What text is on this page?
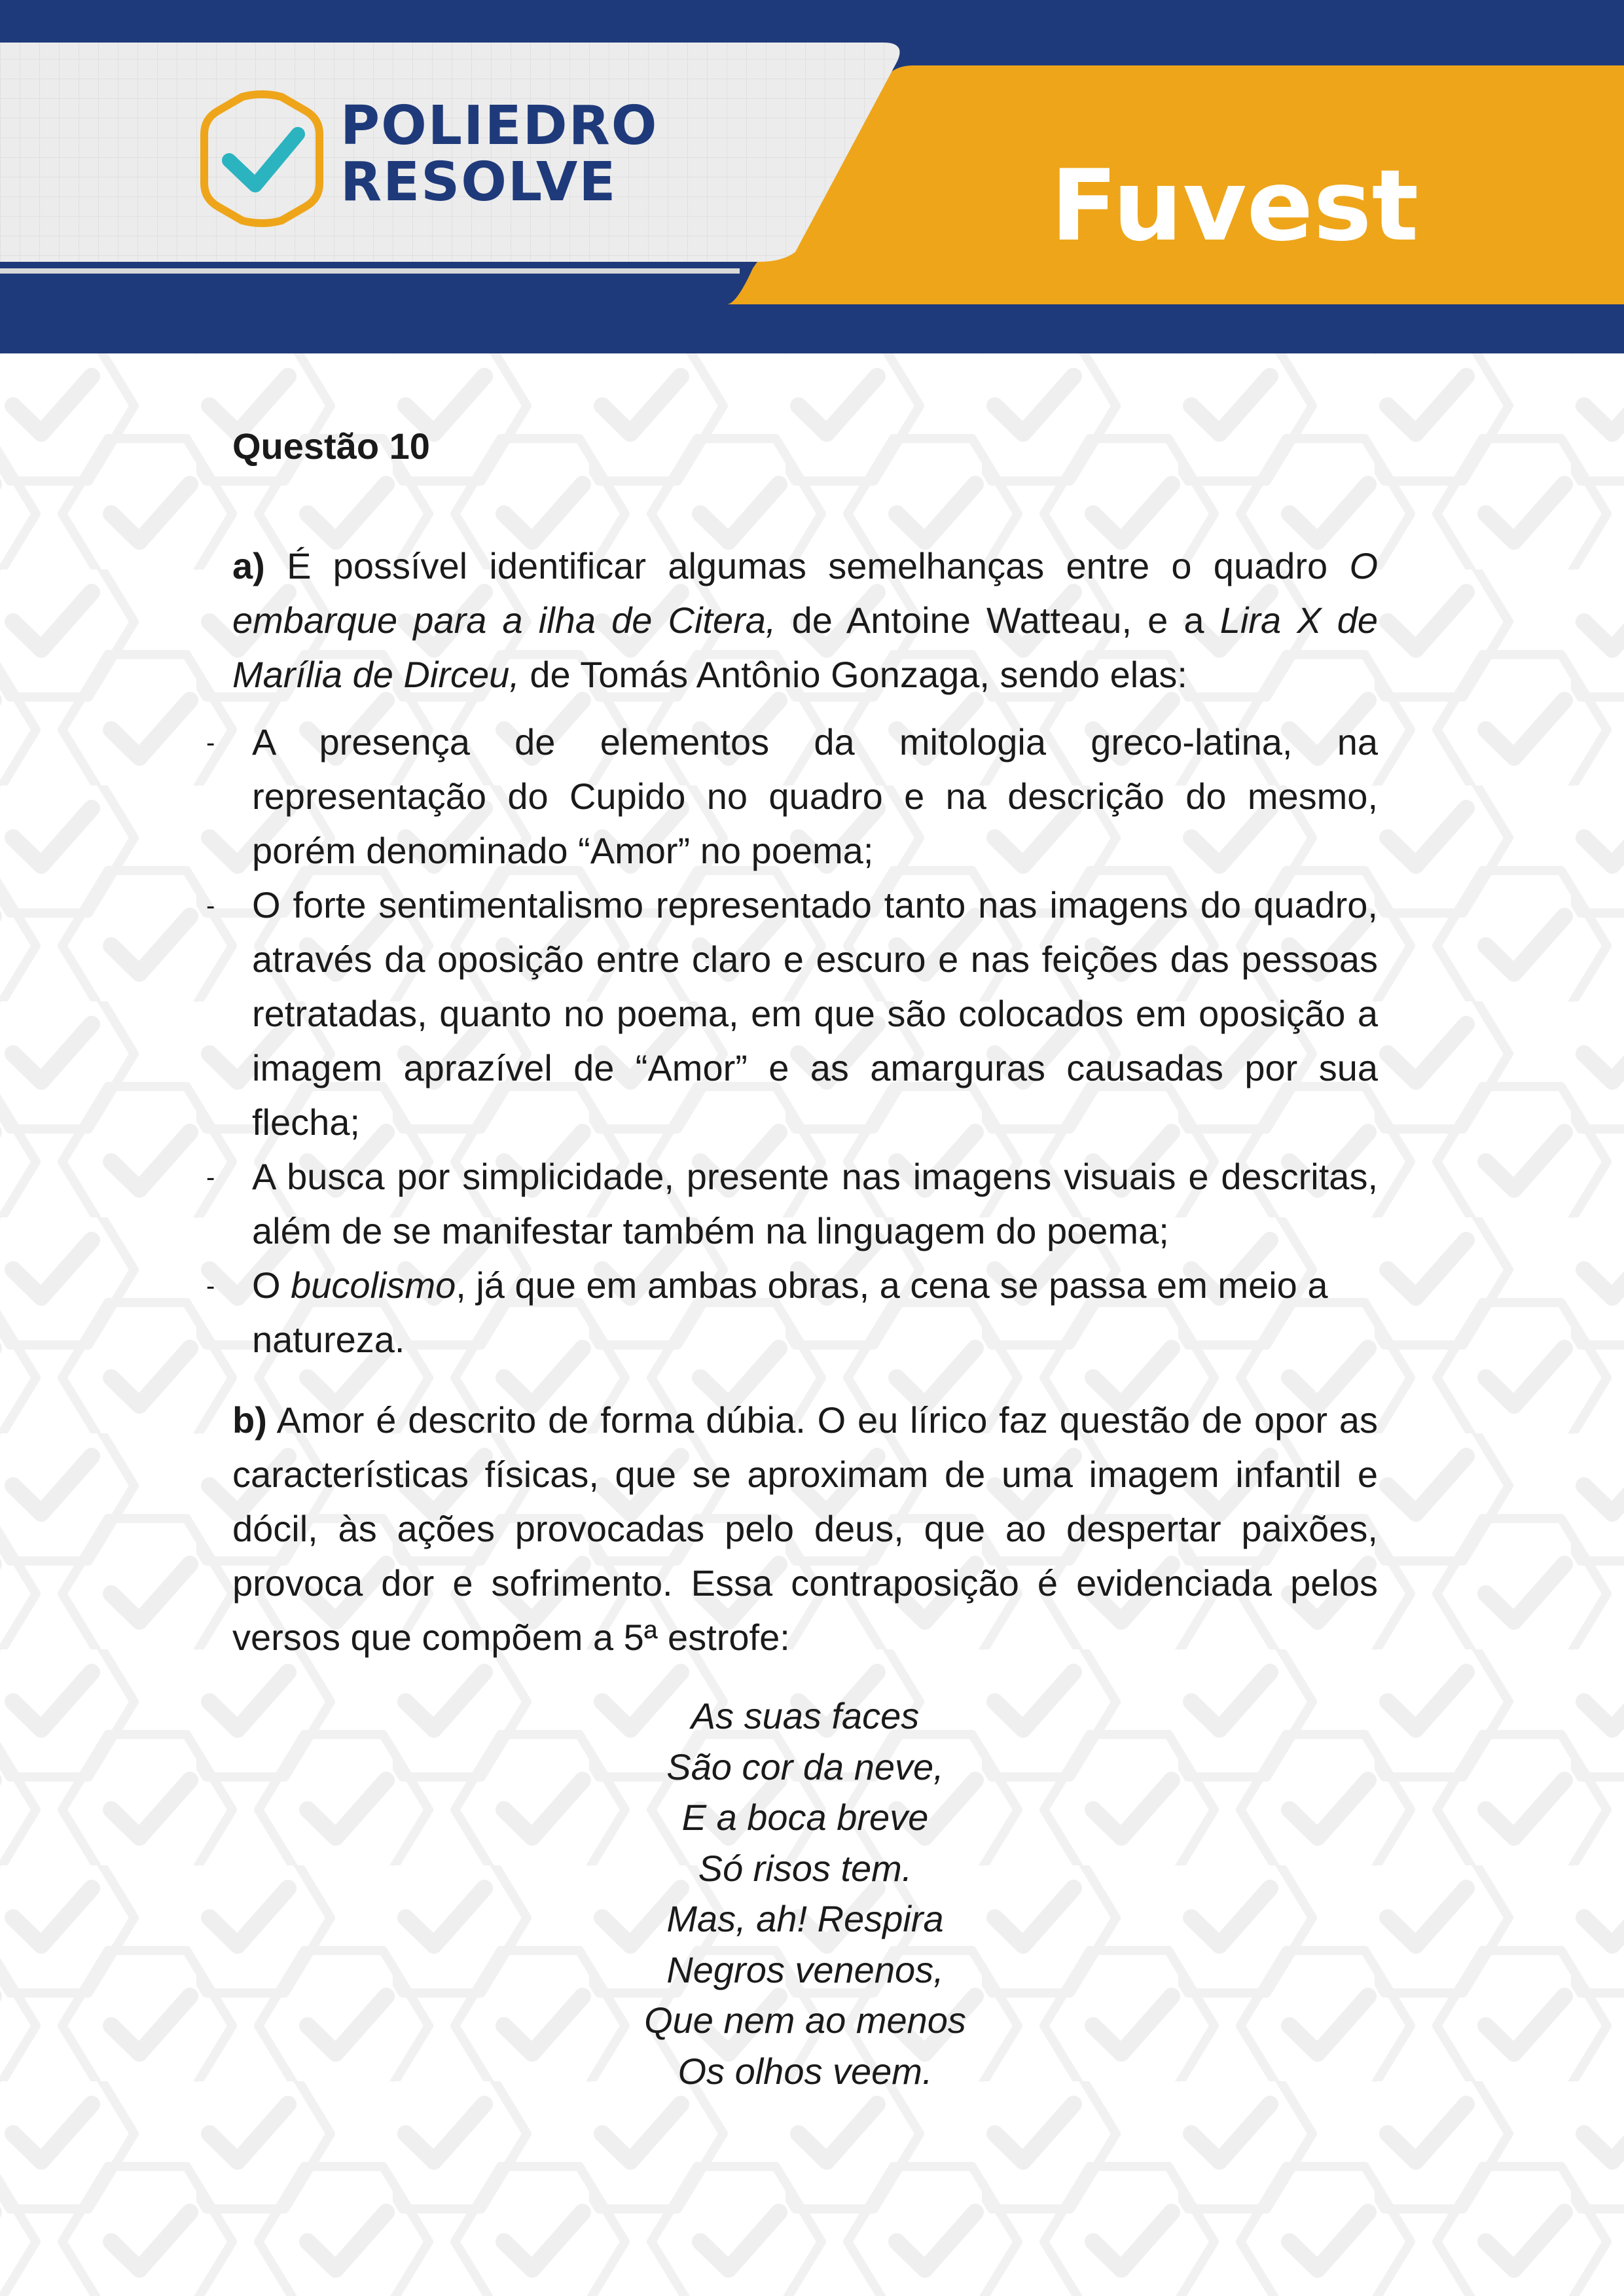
POLIEDRO
RESOLVE	Fuvest
Questão 10

a) É possível identificar algumas semelhanças entre o quadro O embarque para a ilha de Citera, de Antoine Watteau, e a Lira X de Marília de Dirceu, de Tomás Antônio Gonzaga, sendo elas:

- A presença de elementos da mitologia greco-latina, na representação do Cupido no quadro e na descrição do mesmo, porém denominado “Amor” no poema;
- O forte sentimentalismo representado tanto nas imagens do quadro, através da oposição entre claro e escuro e nas feições das pessoas retratadas, quanto no poema, em que são colocados em oposição a imagem aprazível de “Amor” e as amarguras causadas por sua flecha;
- A busca por simplicidade, presente nas imagens visuais e descritas, além de se manifestar também na linguagem do poema;
- O bucolismo, já que em ambas obras, a cena se passa em meio a natureza.

b) Amor é descrito de forma dúbia. O eu lírico faz questão de opor as características físicas, que se aproximam de uma imagem infantil e dócil, às ações provocadas pelo deus, que ao despertar paixões, provoca dor e sofrimento. Essa contraposição é evidenciada pelos versos que compõem a 5ª estrofe:

As suas faces
São cor da neve,
E a boca breve
Só risos tem.
Mas, ah! Respira
Negros venenos,
Que nem ao menos
Os olhos veem.
